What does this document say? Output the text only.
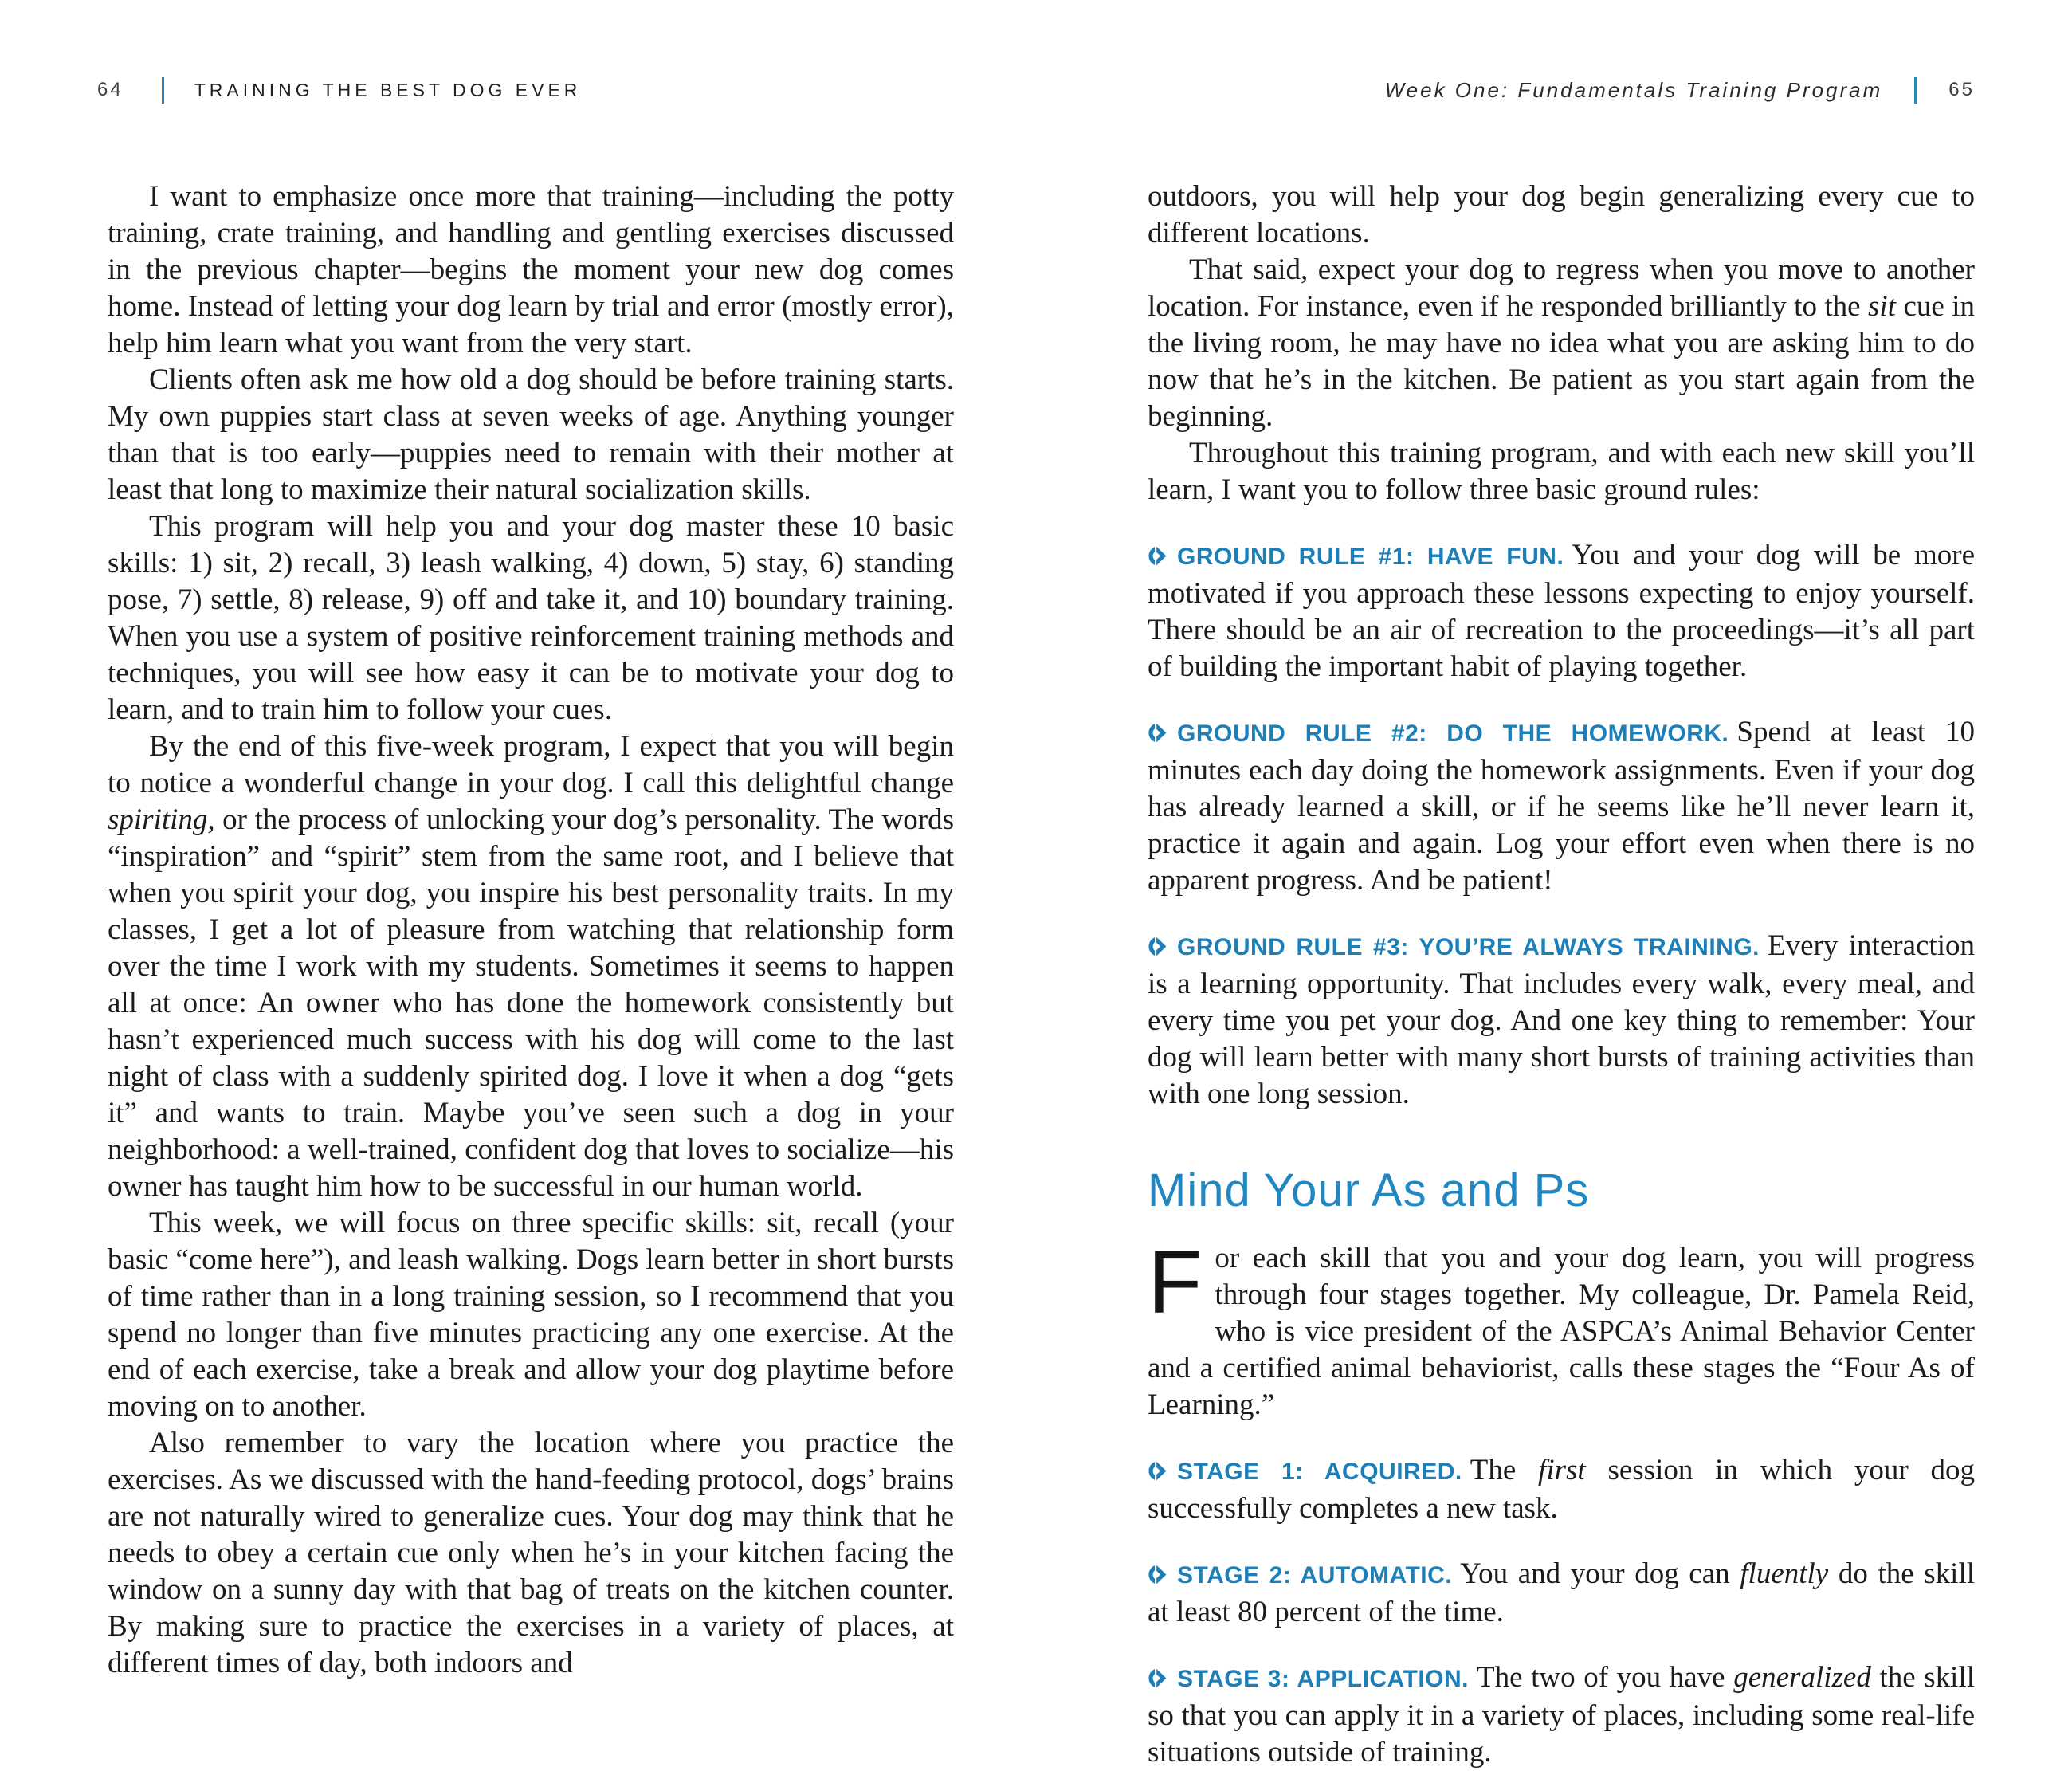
64	TRAINING THE BEST DOG EVER	Week One: Fundamentals Training Program	65

I want to emphasize once more that training—including the potty training, crate training, and handling and gentling exercises discussed in the previous chapter—begins the moment your new dog comes home. Instead of letting your dog learn by trial and error (mostly error), help him learn what you want from the very start.

Clients often ask me how old a dog should be before training starts. My own puppies start class at seven weeks of age. Anything younger than that is too early—puppies need to remain with their mother at least that long to maximize their natural socialization skills.

This program will help you and your dog master these 10 basic skills: 1) sit, 2) recall, 3) leash walking, 4) down, 5) stay, 6) standing pose, 7) settle, 8) release, 9) off and take it, and 10) boundary training. When you use a system of positive reinforcement training methods and techniques, you will see how easy it can be to motivate your dog to learn, and to train him to follow your cues.

By the end of this five-week program, I expect that you will begin to notice a wonderful change in your dog. I call this delightful change spiriting, or the process of unlocking your dog’s personality. The words “inspiration” and “spirit” stem from the same root, and I believe that when you spirit your dog, you inspire his best personality traits. In my classes, I get a lot of pleasure from watching that relationship form over the time I work with my students. Sometimes it seems to happen all at once: An owner who has done the homework consistently but hasn’t experienced much success with his dog will come to the last night of class with a suddenly spirited dog. I love it when a dog “gets it” and wants to train. Maybe you’ve seen such a dog in your neighborhood: a well-trained, confident dog that loves to socialize—his owner has taught him how to be successful in our human world.

This week, we will focus on three specific skills: sit, recall (your basic “come here”), and leash walking. Dogs learn better in short bursts of time rather than in a long training session, so I recommend that you spend no longer than five minutes practicing any one exercise. At the end of each exercise, take a break and allow your dog playtime before moving on to another.

Also remember to vary the location where you practice the exercises. As we discussed with the hand-feeding protocol, dogs’ brains are not naturally wired to generalize cues. Your dog may think that he needs to obey a certain cue only when he’s in your kitchen facing the window on a sunny day with that bag of treats on the kitchen counter. By making sure to practice the exercises in a variety of places, at different times of day, both indoors and

outdoors, you will help your dog begin generalizing every cue to different locations.

That said, expect your dog to regress when you move to another location. For instance, even if he responded brilliantly to the sit cue in the living room, he may have no idea what you are asking him to do now that he’s in the kitchen. Be patient as you start again from the beginning.

Throughout this training program, and with each new skill you’ll learn, I want you to follow three basic ground rules:

GROUND RULE #1: HAVE FUN. You and your dog will be more motivated if you approach these lessons expecting to enjoy yourself. There should be an air of recreation to the proceedings—it’s all part of building the important habit of playing together.

GROUND RULE #2: DO THE HOMEWORK. Spend at least 10 minutes each day doing the homework assignments. Even if your dog has already learned a skill, or if he seems like he’ll never learn it, practice it again and again. Log your effort even when there is no apparent progress. And be patient!

GROUND RULE #3: YOU’RE ALWAYS TRAINING. Every interaction is a learning opportunity. That includes every walk, every meal, and every time you pet your dog. And one key thing to remember: Your dog will learn better with many short bursts of training activities than with one long session.

Mind Your As and Ps

For each skill that you and your dog learn, you will progress through four stages together. My colleague, Dr. Pamela Reid, who is vice president of the ASPCA’s Animal Behavior Center and a certified animal behaviorist, calls these stages the “Four As of Learning.”

STAGE 1: ACQUIRED. The first session in which your dog successfully completes a new task.

STAGE 2: AUTOMATIC. You and your dog can fluently do the skill at least 80 percent of the time.

STAGE 3: APPLICATION. The two of you have generalized the skill so that you can apply it in a variety of places, including some real-life situations outside of training.
